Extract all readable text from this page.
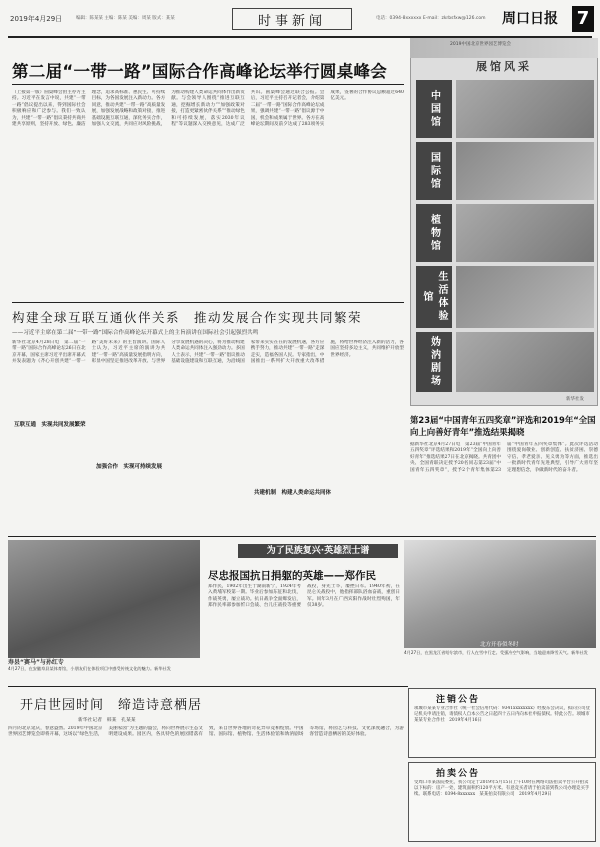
2019年4月29日	编辑：陈某某 主编：陈某 美编：周某 版式：某某	时事新闻	电话：0394-8xxxxxx E-mail：zkrbsfxw@126.com	周口日报 7
第二届“一带一路”国际合作高峰论坛举行圆桌峰会
（上接第一版）圆桌峰会由主办方主持。习近平在发言中说，共建“一带一路”倡议提出以来，得到国际社会积极响应和广泛参与。我们一致认为，共建“一带一路”倡议秉持共商共建共享原则，坚持开放、绿色、廉洁理念，追求高标准、惠民生、可持续目标，为各国发展注入新动力。各方同意，推动共建“一带一路”高质量发展，加强发展战略和政策对接，推进基础设施互联互通，深化务实合作，加强人文交流，共同应对风险挑战，为推动构建人类命运共同体作出新贡献。与会领导人围绕“推进互联互通，挖掘增长新动力”“加强政策对接，打造更紧密伙伴关系”“推动绿色和可持续发展，落实2030年议程”等议题深入交换意见，达成广泛共识。圆桌峰会通过联合公报。会后，习近平主持召开记者会，介绍第二届“一带一路”国际合作高峰论坛成果，强调共建“一带一路”倡议源于中国，机会和成果属于世界。各方在高峰论坛期间及前夕达成了283项务实成果，签署的合作协议总额超过640亿美元。
2019中国北京世界园艺博览会
展馆风采
中国馆
国际馆
植物馆
生活体验馆
妫汭剧场
新华社发
构建全球互联互通伙伴关系　推动发展合作实现共同繁荣
——习近平主席在第二届“一带一路”国际合作高峰论坛开幕式上的主旨演讲在国际社会引起强烈共鸣
新华社北京4月28日电　第二届“一带一路”国际合作高峰论坛26日在北京开幕，国家主席习近平出席开幕式并发表题为《齐心开创共建“一带一路”美好未来》的主旨演讲。国际人士认为，习近平主席的演讲为共建“一带一路”高质量发展指明方向，彰显中国坚定推进改革开放、与世界分享发展机遇的决心，将为推动构建人类命运共同体注入强劲动力。多国人士表示，共建“一带一路”倡议推动基础设施建设和互联互通，为沿线国家带来实实在在的发展机遇，各方应携手努力，推动共建“一带一路”走深走实，造福各国人民。专家指出，中国推出一系列扩大开放重大改革措施，将给世界经济注入新的活力，各国应坚持多边主义，共同维护开放型世界经济。
互联互通　实现共同发展繁荣
加强合作　实现可持续发展
共建机制　构建人类命运共同体
第23届“中国青年五四奖章”评选和2019年“全国向上向善好青年”推选结果揭晓
据新华社北京4月27日电　第23届“中国青年五四奖章”评选结果和2019年“全国向上向善好青年”推选结果27日在北京揭晓。共青团中央、全国青联决定授予20名同志第23届“中国青年五四奖章”，授予2个青年集体第23届“中国青年五四奖章集体”。此次评选活动围绕爱岗敬业、创新创造、扶贫济困、崇德守信、孝老爱亲、见义勇为等方面，推选出一批新时代青年先进典型，引导广大青年坚定理想信念，争做新时代的奋斗者。
寿县“赛马”与孙红专
4月27日，在安徽寿县某体育馆，小朋友们在体验项目中感受传统文化的魅力。新华社发
北方开春似冬时
4月27日，在黑龙江省哈尔滨市，行人在雪中行走。受强冷空气影响，当地迎来降雪天气。新华社发
为了民族复兴·英雄烈士谱
尽忠报国抗日捐躯的英雄——郑作民
郑作民，1902年出生于湖南新宁，1924年考入黄埔军校第一期。毕业后参加东征和北伐，作战英勇，屡立战功。抗日战争全面爆发后，郑作民率部参加忻口会战、台儿庄战役等重要战役，身先士卒，屡挫日军。1940年初，在昆仑关战役中，他指挥部队浴血奋战，重创日军。同年3月在广西宾阳作战时壮烈殉国，年仅38岁。
开启世园时间　缔造诗意栖居
新华社记者　韩某　孔某某
四月的北京延庆，春意盎然。2019年中国北京世界园艺博览会即将开幕，这场以“绿色生活，美丽家园”为主题的盛会，将向世界展示生态文明建设成果。园区内，各具特色的展园错落有致，来自世界各地的奇花异草竞相绽放。中国馆、国际馆、植物馆、生活体验馆和妫汭剧场等场馆，将园艺与科技、文化深度融合，为游客营造诗意栖居的美好体验。
注销公告
项城市某某专业合作社（统一社会信用代码：9341xxxxxxxx）经股东会决议，拟向公司登记机关申请注销，请债权人自本公告之日起四十五日内向本社申报债权。特此公告。项城市某某专业合作社　2019年4月16日
拍卖公告
受周口市某法院委托，我公司定于2019年5月15日上午10时在网络司法拍卖平台公开拍卖以下标的：房产一处，建筑面积约120平方米。有意竞买者请于拍卖前到我公司办理竞买手续。联系电话：0394-8xxxxxx　某某拍卖有限公司　2019年4月29日
